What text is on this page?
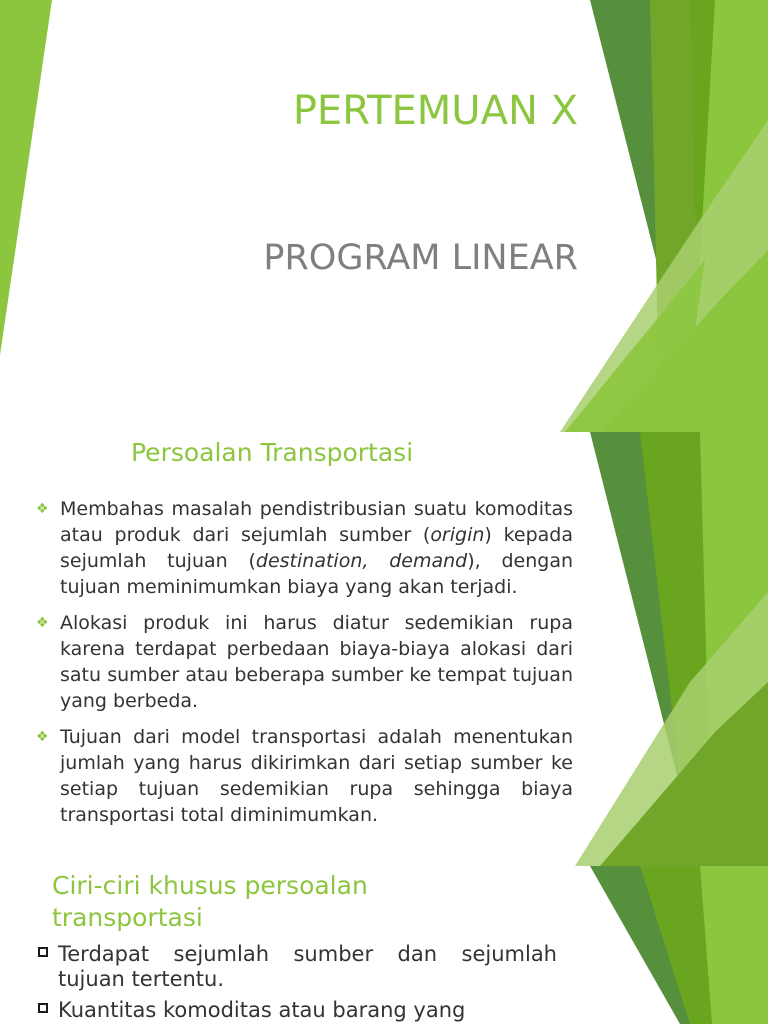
PERTEMUAN X
PROGRAM LINEAR
Persoalan Transportasi
❖ Membahas masalah pendistribusian suatu komoditas atau produk dari sejumlah sumber (origin) kepada sejumlah tujuan (destination, demand), dengan tujuan meminimumkan biaya yang akan terjadi.
❖ Alokasi produk ini harus diatur sedemikian rupa karena terdapat perbedaan biaya-biaya alokasi dari satu sumber atau beberapa sumber ke tempat tujuan yang berbeda.
❖ Tujuan dari model transportasi adalah menentukan jumlah yang harus dikirimkan dari setiap sumber ke setiap tujuan sedemikian rupa sehingga biaya transportasi total diminimumkan.
Ciri-ciri khusus persoalan transportasi
Terdapat sejumlah sumber dan sejumlah tujuan tertentu.
Kuantitas komoditas atau barang yang
